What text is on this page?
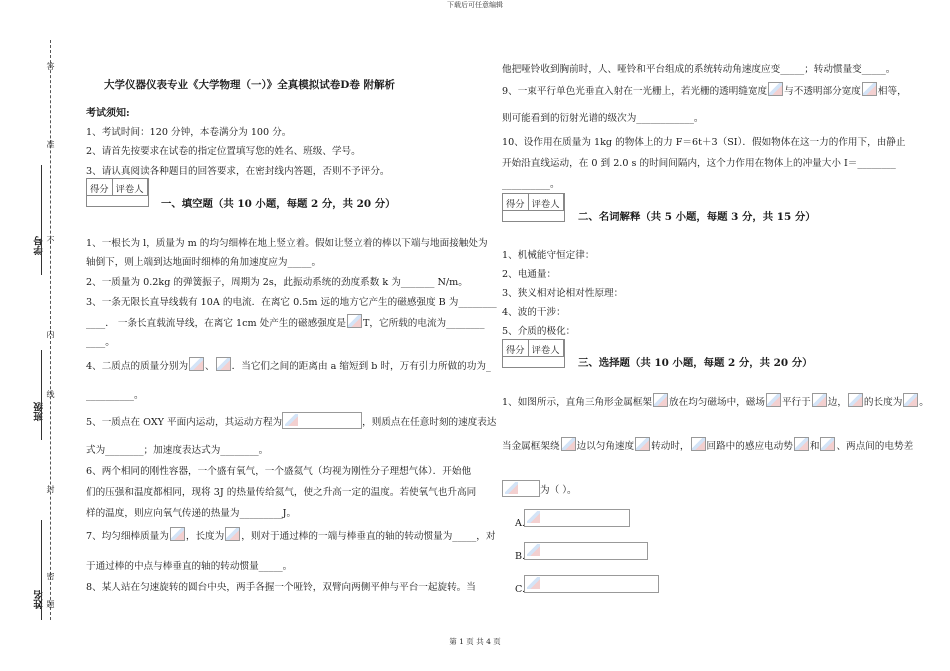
下载后可任意编辑
答
准
不
内
线
封
密
题
学号
班级
姓名
大学仪器仪表专业《大学物理（一）》全真模拟试卷D卷 附解析
考试须知:
1、考试时间：120 分钟，本卷满分为 100 分。
2、请首先按要求在试卷的指定位置填写您的姓名、班级、学号。
3、请认真阅读各种题目的回答要求，在密封线内答题，否则不予评分。
得分 评卷人
一、填空题（共 10 小题，每题 2 分，共 20 分）
1、一根长为 l，质量为 m 的均匀细棒在地上竖立着。假如让竖立着的棒以下端与地面接触处为
轴倒下，则上端到达地面时细棒的角加速度应为_____。
2、一质量为 0.2kg 的弹簧振子，周期为 2s，此振动系统的劲度系数 k 为_______ N/m。
3、一条无限长直导线载有 10A 的电流．在离它 0.5m 远的地方它产生的磁感强度 B 为________
____． 一条长直载流导线，在离它 1cm 处产生的磁感强度是 T，它所载的电流为________
____。
4、二质点的质量分别为 、 ．当它们之间的距离由 a 缩短到 b 时，万有引力所做的功为_
__________。
5、一质点在 OXY 平面内运动，其运动方程为	，则质点在任意时刻的速度表达
式为________；加速度表达式为________。
6、两个相同的刚性容器，一个盛有氧气，一个盛氦气（均视为刚性分子理想气体）．开始他
们的压强和温度都相同，现将 3J 的热量传给氦气，使之升高一定的温度。若使氧气也升高同
样的温度，则应向氧气传递的热量为_________J。
7、均匀细棒质量为 ，长度为 ，则对于通过棒的一端与棒垂直的轴的转动惯量为_____，对
于通过棒的中点与棒垂直的轴的转动惯量_____。
8、某人站在匀速旋转的圆台中央，两手各握一个哑铃，双臂向两侧平伸与平台一起旋转。当
他把哑铃收到胸前时，人、哑铃和平台组成的系统转动角速度应变_____；转动惯量变_____。
9、一束平行单色光垂直入射在一光栅上，若光栅的透明缝宽度 与不透明部分宽度 相等，
则可能看到的衍射光谱的级次为____________。
10、设作用在质量为 1kg 的物体上的力 F＝6t＋3（SI）．假如物体在这一力的作用下，由静止
开始沿直线运动，在 0 到 2.0 s 的时间间隔内，这个力作用在物体上的冲量大小 I＝________
__________。
得分 评卷人
二、名词解释（共 5 小题，每题 3 分，共 15 分）
1、机械能守恒定律：
2、电通量：
3、狭义相对论相对性原理：
4、波的干涉：
5、介质的极化：
得分 评卷人
三、选择题（共 10 小题，每题 2 分，共 20 分）
1、如图所示，直角三角形金属框架 放在均匀磁场中，磁场 平行于 边， 的长度为 。
当金属框架绕 边以匀角速度 转动时， 回路中的感应电动势 和 、两点间的电势差
为（ ）。
A.
B.
C.
第 1 页 共 4 页
